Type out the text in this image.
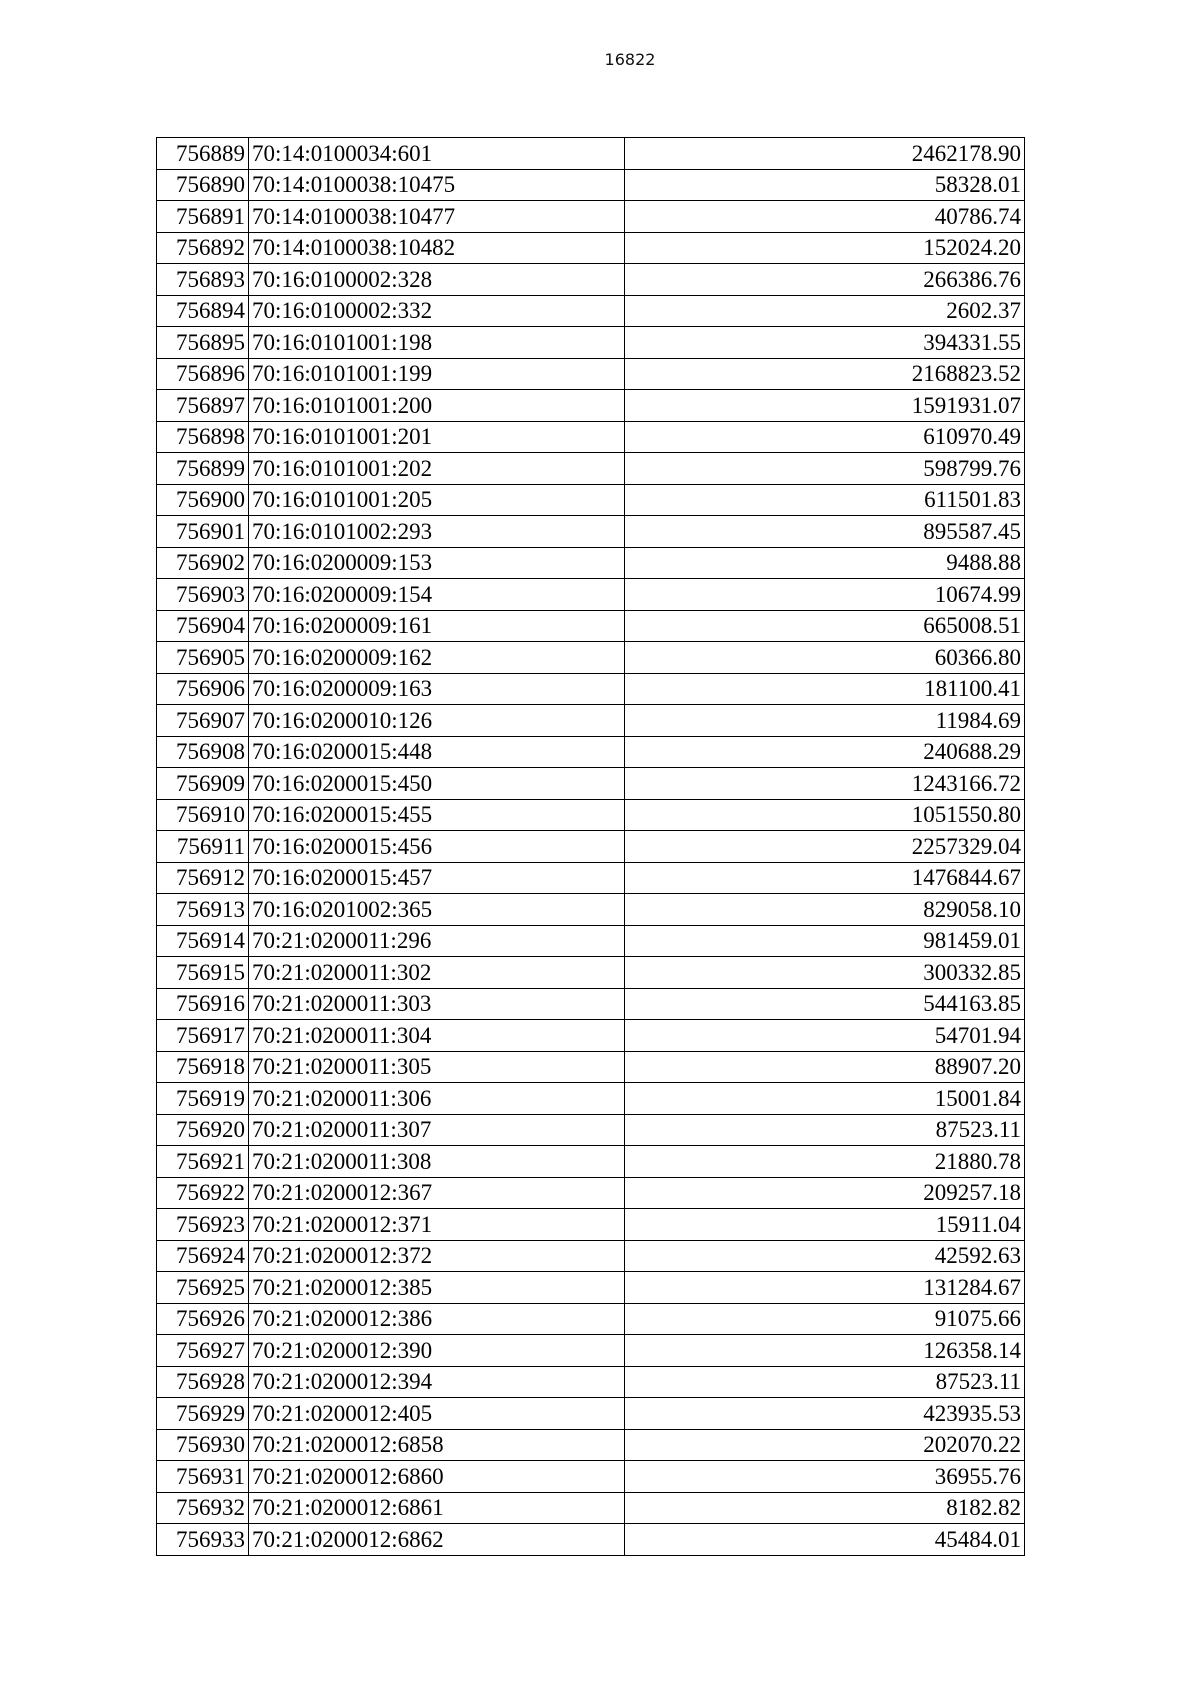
16822
756889	70:14:0100034:601	2462178.90
756890	70:14:0100038:10475	58328.01
756891	70:14:0100038:10477	40786.74
756892	70:14:0100038:10482	152024.20
756893	70:16:0100002:328	266386.76
756894	70:16:0100002:332	2602.37
756895	70:16:0101001:198	394331.55
756896	70:16:0101001:199	2168823.52
756897	70:16:0101001:200	1591931.07
756898	70:16:0101001:201	610970.49
756899	70:16:0101001:202	598799.76
756900	70:16:0101001:205	611501.83
756901	70:16:0101002:293	895587.45
756902	70:16:0200009:153	9488.88
756903	70:16:0200009:154	10674.99
756904	70:16:0200009:161	665008.51
756905	70:16:0200009:162	60366.80
756906	70:16:0200009:163	181100.41
756907	70:16:0200010:126	11984.69
756908	70:16:0200015:448	240688.29
756909	70:16:0200015:450	1243166.72
756910	70:16:0200015:455	1051550.80
756911	70:16:0200015:456	2257329.04
756912	70:16:0200015:457	1476844.67
756913	70:16:0201002:365	829058.10
756914	70:21:0200011:296	981459.01
756915	70:21:0200011:302	300332.85
756916	70:21:0200011:303	544163.85
756917	70:21:0200011:304	54701.94
756918	70:21:0200011:305	88907.20
756919	70:21:0200011:306	15001.84
756920	70:21:0200011:307	87523.11
756921	70:21:0200011:308	21880.78
756922	70:21:0200012:367	209257.18
756923	70:21:0200012:371	15911.04
756924	70:21:0200012:372	42592.63
756925	70:21:0200012:385	131284.67
756926	70:21:0200012:386	91075.66
756927	70:21:0200012:390	126358.14
756928	70:21:0200012:394	87523.11
756929	70:21:0200012:405	423935.53
756930	70:21:0200012:6858	202070.22
756931	70:21:0200012:6860	36955.76
756932	70:21:0200012:6861	8182.82
756933	70:21:0200012:6862	45484.01
